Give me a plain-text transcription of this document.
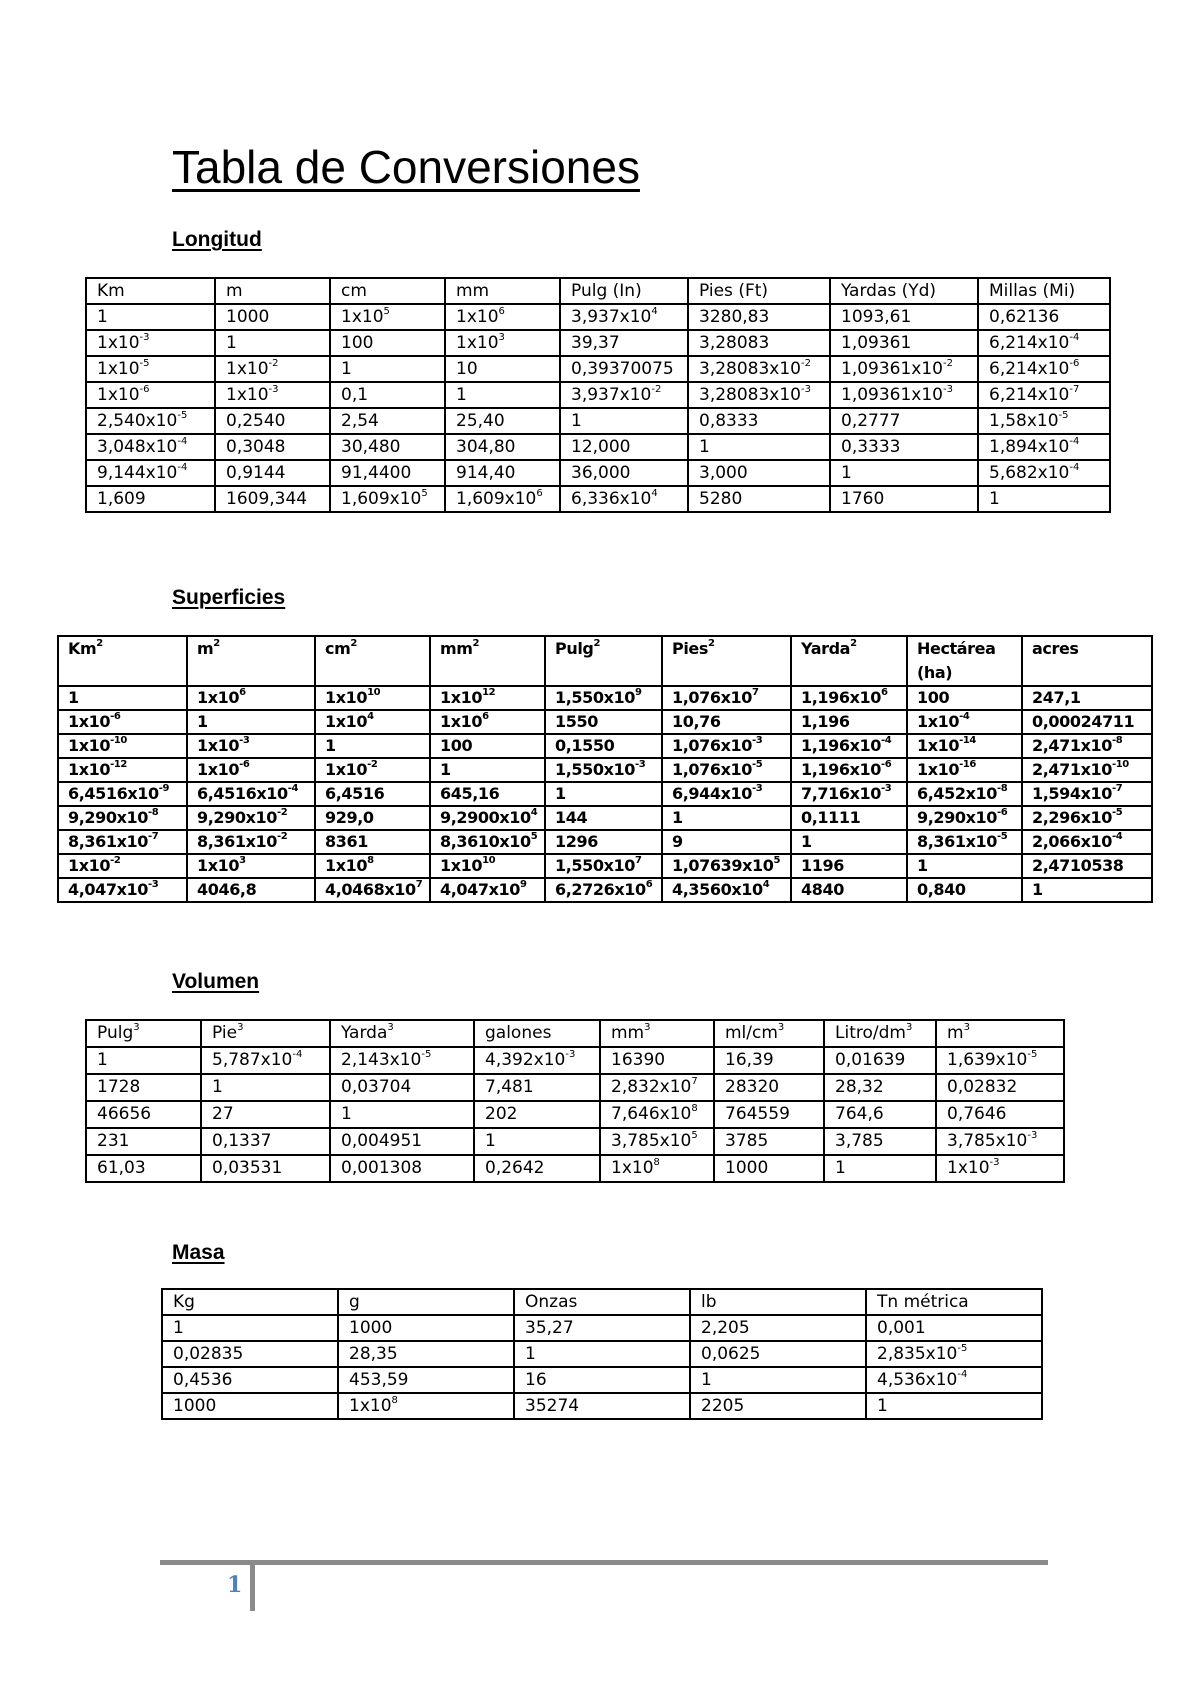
Tabla de Conversiones
Longitud
Km	m	cm	mm	Pulg (In)	Pies (Ft)	Yardas (Yd)	Millas (Mi)
1	1000	$1x10^5$	$1x10^6$	$3,937x10^4$	3280,83	1093,61	0,62136
$1x10^{-3}$	1	100	$1x10^3$	39,37	3,28083	1,09361	$6,214x10^{-4}$
$1x10^{-5}$	$1x10^{-2}$	1	10	0,39370075	$3,28083x10^{-2}$	$1,09361x10^{-2}$	$6,214x10^{-6}$
$1x10^{-6}$	$1x10^{-3}$	0,1	1	$3,937x10^{-2}$	$3,28083x10^{-3}$	$1,09361x10^{-3}$	$6,214x10^{-7}$
$2,540x10^{-5}$	0,2540	2,54	25,40	1	0,8333	0,2777	$1,58x10^{-5}$
$3,048x10^{-4}$	0,3048	30,480	304,80	12,000	1	0,3333	$1,894x10^{-4}$
$9,144x10^{-4}$	0,9144	91,4400	914,40	36,000	3,000	1	$5,682x10^{-4}$
1,609	1609,344	$1,609x10^5$	$1,609x10^6$	$6,336x10^4$	5280	1760	1
Superficies
Km$^2$	$m^2$	$cm^2$	$mm^2$	Pulg$^2$	Pies$^2$	Yarda$^2$	Hectárea (ha)	acres
1	$1x10^6$	$1x10^{10}$	$1x10^{12}$	$1,550x10^9$	$1,076x10^7$	$1,196x10^6$	100	247,1
$1x10^{-6}$	1	$1x10^4$	$1x10^6$	1550	10,76	1,196	$1x10^{-4}$	0,00024711
$1x10^{-10}$	$1x10^{-3}$	1	100	0,1550	$1,076x10^{-3}$	$1,196x10^{-4}$	$1x10^{-14}$	$2,471x10^{-8}$
$1x10^{-12}$	$1x10^{-6}$	$1x10^{-2}$	1	$1,550x10^{-3}$	$1,076x10^{-5}$	$1,196x10^{-6}$	$1x10^{-16}$	$2,471x10^{-10}$
$6,4516x10^{-9}$	$6,4516x10^{-4}$	6,4516	645,16	1	$6,944x10^{-3}$	$7,716x10^{-3}$	$6,452x10^{-8}$	$1,594x10^{-7}$
$9,290x10^{-8}$	$9,290x10^{-2}$	929,0	$9,2900x10^4$	144	1	0,1111	$9,290x10^{-6}$	$2,296x10^{-5}$
$8,361x10^{-7}$	$8,361x10^{-2}$	8361	$8,3610x10^5$	1296	9	1	$8,361x10^{-5}$	$2,066x10^{-4}$
$1x10^{-2}$	$1x10^3$	$1x10^8$	$1x10^{10}$	$1,550x10^7$	$1,07639x10^5$	1196	1	2,4710538
$4,047x10^{-3}$	4046,8	$4,0468x10^7$	$4,047x10^9$	$6,2726x10^6$	$4,3560x10^4$	4840	0,840	1
Volumen
Pulg$^3$	Pie$^3$	Yarda$^3$	galones	$mm^3$	$ml/cm^3$	Litro/$dm^3$	$m^3$
1	$5,787x10^{-4}$	$2,143x10^{-5}$	$4,392x10^{-3}$	16390	16,39	0,01639	$1,639x10^{-5}$
1728	1	0,03704	7,481	$2,832x10^7$	28320	28,32	0,02832
46656	27	1	202	$7,646x10^8$	764559	764,6	0,7646
231	0,1337	0,004951	1	$3,785x10^5$	3785	3,785	$3,785x10^{-3}$
61,03	0,03531	0,001308	0,2642	$1x10^8$	1000	1	$1x10^{-3}$
Masa
Kg	g	Onzas	lb	Tn métrica
1	1000	35,27	2,205	0,001
0,02835	28,35	1	0,0625	$2,835x10^{-5}$
0,4536	453,59	16	1	$4,536x10^{-4}$
1000	$1x10^8$	35274	2205	1
1
